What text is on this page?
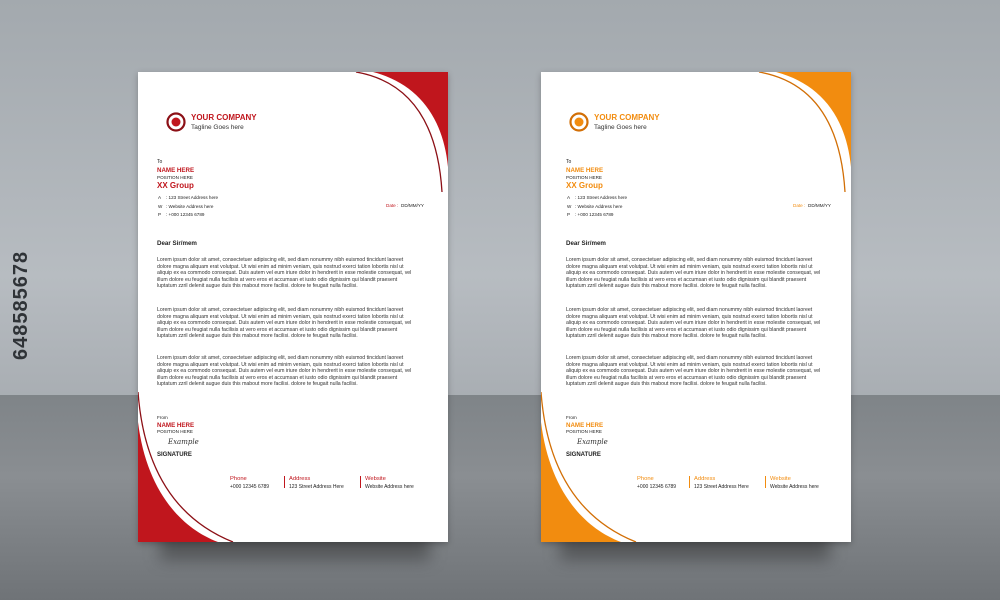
648585678
YOUR COMPANY
Tagline Goes here
To
NAME HERE
POSITION HERE
XX Group
A : 123 Street Address here
W : Website Address here
P : +000 12345 6789
Date : DD/MM/YY
Dear Sir/mem
Lorem ipsum dolor sit amet, consectetuer adipiscing elit, sed diam nonummy nibh euismod tincidunt laoreet dolore magna aliquam erat volutpat. Ut wisi enim ad minim veniam, quis nostrud exerci tation lobortis nisl ut aliquip ex ea commodo consequat. Duis autem vel eum iriure dolor in hendrerit in esse molestie consequat, vel illum dolore eu feugiat nulla facilisis at vero eros et accumsan et iusto odio dignissim qui blandit praesent luptatum zzril delenit augue duis this mabout more facilisi. dolore te feugait nulla facilisi.
Lorem ipsum dolor sit amet, consectetuer adipiscing elit, sed diam nonummy nibh euismod tincidunt laoreet dolore magna aliquam erat volutpat. Ut wisi enim ad minim veniam, quis nostrud exerci tation lobortis nisl ut aliquip ex ea commodo consequat. Duis autem vel eum iriure dolor in hendrerit in esse molestie consequat, vel illum dolore eu feugiat nulla facilisis at vero eros et accumsan et iusto odio dignissim qui blandit praesent luptatum zzril delenit augue duis this mabout more facilisi. dolore te feugait nulla facilisi.
Lorem ipsum dolor sit amet, consectetuer adipiscing elit, sed diam nonummy nibh euismod tincidunt laoreet dolore magna aliquam erat volutpat. Ut wisi enim ad minim veniam, quis nostrud exerci tation lobortis nisl ut aliquip ex ea commodo consequat. Duis autem vel eum iriure dolor in hendrerit in esse molestie consequat, vel illum dolore eu feugiat nulla facilisis at vero eros et accumsan et iusto odio dignissim qui blandit praesent luptatum zzril delenit augue duis this mabout more facilisi. dolore te feugait nulla facilisi.
From
NAME HERE
POSITION HERE
Example
SIGNATURE
Phone
+000 12345 6789
Address
123 Street Address Here
Website
Website Address here
YOUR COMPANY
Tagline Goes here
To
NAME HERE
POSITION HERE
XX Group
A : 123 Street Address here
W : Website Address here
P : +000 12345 6789
Date : DD/MM/YY
Dear Sir/mem
Lorem ipsum dolor sit amet, consectetuer adipiscing elit, sed diam nonummy nibh euismod tincidunt laoreet dolore magna aliquam erat volutpat. Ut wisi enim ad minim veniam, quis nostrud exerci tation lobortis nisl ut aliquip ex ea commodo consequat. Duis autem vel eum iriure dolor in hendrerit in esse molestie consequat, vel illum dolore eu feugiat nulla facilisis at vero eros et accumsan et iusto odio dignissim qui blandit praesent luptatum zzril delenit augue duis this mabout more facilisi. dolore te feugait nulla facilisi.
Lorem ipsum dolor sit amet, consectetuer adipiscing elit, sed diam nonummy nibh euismod tincidunt laoreet dolore magna aliquam erat volutpat. Ut wisi enim ad minim veniam, quis nostrud exerci tation lobortis nisl ut aliquip ex ea commodo consequat. Duis autem vel eum iriure dolor in hendrerit in esse molestie consequat, vel illum dolore eu feugiat nulla facilisis at vero eros et accumsan et iusto odio dignissim qui blandit praesent luptatum zzril delenit augue duis this mabout more facilisi. dolore te feugait nulla facilisi.
Lorem ipsum dolor sit amet, consectetuer adipiscing elit, sed diam nonummy nibh euismod tincidunt laoreet dolore magna aliquam erat volutpat. Ut wisi enim ad minim veniam, quis nostrud exerci tation lobortis nisl ut aliquip ex ea commodo consequat. Duis autem vel eum iriure dolor in hendrerit in esse molestie consequat, vel illum dolore eu feugiat nulla facilisis at vero eros et accumsan et iusto odio dignissim qui blandit praesent luptatum zzril delenit augue duis this mabout more facilisi. dolore te feugait nulla facilisi.
From
NAME HERE
POSITION HERE
Example
SIGNATURE
Phone
+000 12345 6789
Address
123 Street Address Here
Website
Website Address here
